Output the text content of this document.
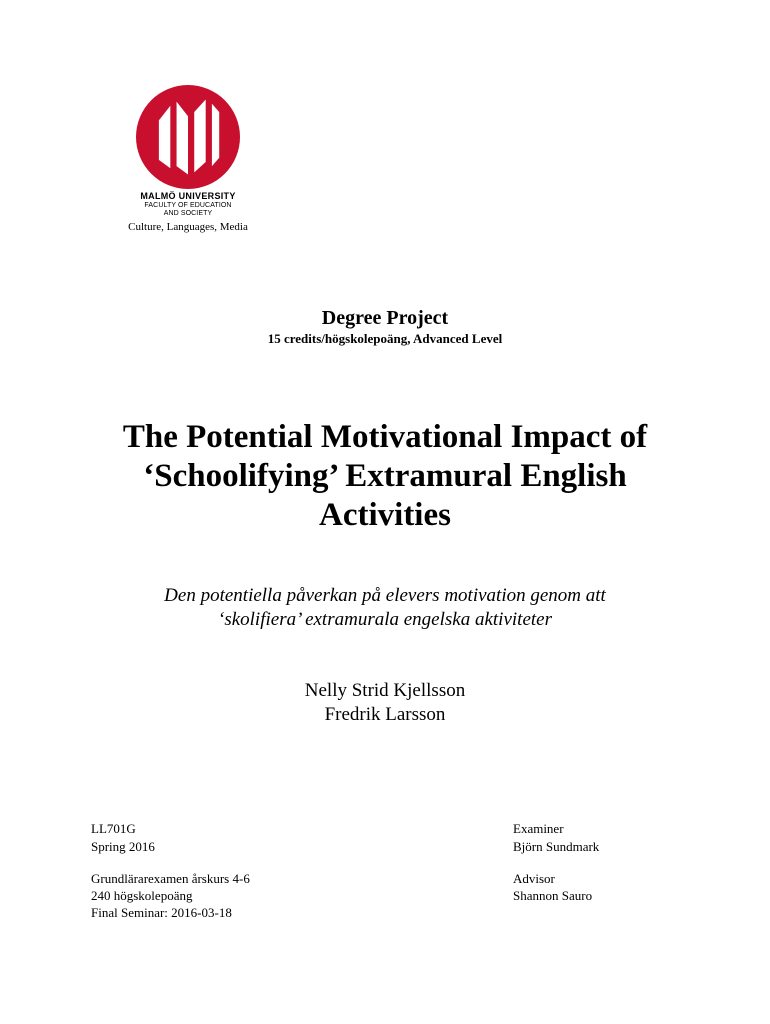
MALMÖ UNIVERSITY
FACULTY OF EDUCATION
AND SOCIETY
Culture, Languages, Media
Degree Project
15 credits/högskolepoäng, Advanced Level
The Potential Motivational Impact of
‘Schoolifying’ Extramural English
Activities
Den potentiella påverkan på elevers motivation genom att
‘skolifiera’ extramurala engelska aktiviteter
Nelly Strid Kjellsson
Fredrik Larsson
LL701G
Spring 2016
Grundlärarexamen årskurs 4-6
240 högskolepoäng
Final Seminar: 2016-03-18
Examiner
Björn Sundmark
Advisor
Shannon Sauro
